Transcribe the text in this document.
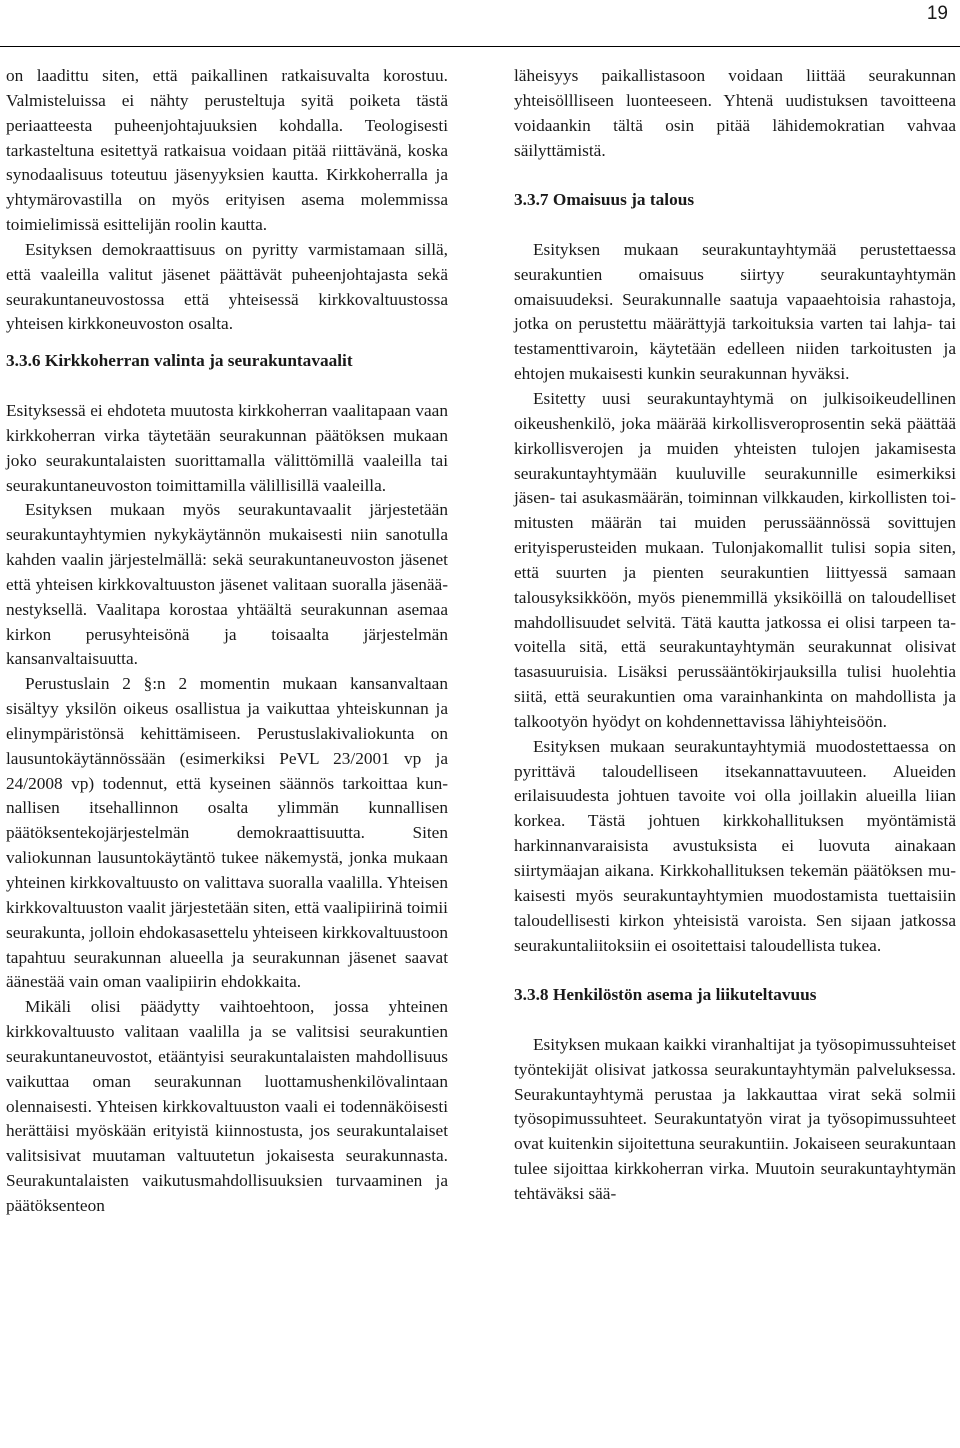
19

on laadittu siten, että paikallinen ratkaisuvalta korostuu. Valmisteluissa ei nähty perusteltuja syitä poiketa tästä periaatteesta puheenjohtajuuksien kohdalla. Teologisesti tarkasteltuna esitettyä ratkaisua voidaan pitää riittävänä, koska synodaalisuus toteutuu jäsenyyksien kautta. Kirkkoherralla ja yhtymärovastilla on myös erityisen asema molemmissa toimielimissä esittelijän roolin kautta.

Esityksen demokraattisuus on pyritty varmistamaan sillä, että vaaleilla valitut jäsenet päättävät puheenjohtajasta sekä seurakuntaneuvostossa että yhteisessä kirkkovaltuustossa yhteisen kirkkoneuvoston osalta.

3.3.6 Kirkkoherran valinta ja seurakuntavaalit

Esityksessä ei ehdoteta muutosta kirkkoherran vaalitapaan vaan kirkkoherran virka täytetään seurakunnan päätöksen mukaan joko seurakuntalaisten suorittamalla välittömillä vaaleilla tai seurakuntaneuvoston toimittamilla välillisillä vaaleilla.

Esityksen mukaan myös seurakuntavaalit järjestetään seurakuntayhtymien nykykäytännön mukaisesti niin sanotulla kahden vaalin järjestelmällä: sekä seurakuntaneuvoston jäsenet että yhteisen kirkkovaltuuston jäsenet valitaan suoralla jäsenäänestyksellä. Vaalitapa korostaa yhtäältä seurakunnan asemaa kirkon perusyhteisönä ja toisaalta järjestelmän kansanvaltaisuutta.

Perustuslain 2 §:n 2 momentin mukaan kansanvaltaan sisältyy yksilön oikeus osallistua ja vaikuttaa yhteiskunnan ja elinympäristönsä kehittämiseen. Perustuslakivaliokunta on lausuntokäytännössään (esimerkiksi PeVL 23/2001 vp ja 24/2008 vp) todennut, että kyseinen säännös tarkoittaa kunnallisen itsehallinnon osalta ylimmän kunnallisen päätöksentekojärjestelmän demokraattisuutta. Siten valiokunnan lausuntokäytäntö tukee näkemystä, jonka mukaan yhteinen kirkkovaltuusto on valittava suoralla vaalilla. Yhteisen kirkkovaltuuston vaalit järjestetään siten, että vaalipiirinä toimii seurakunta, jolloin ehdokasasettelu yhteiseen kirkkovaltuustoon tapahtuu seurakunnan alueella ja seurakunnan jäsenet saavat äänestää vain oman vaalipiirin ehdokkaita.

Mikäli olisi päädytty vaihtoehtoon, jossa yhteinen kirkkovaltuusto valitaan vaalilla ja se valitsisi seurakuntien seurakuntaneuvostot, etääntyisi seurakuntalaisten mahdollisuus vaikuttaa oman seurakunnan luottamushenkilövalintaan olennaisesti. Yhteisen kirkkovaltuuston vaali ei todennäköisesti herättäisi myöskään erityistä kiinnostusta, jos seurakuntalaiset valitsisivat muutaman valtuutetun jokaisesta seurakunnasta. Seurakuntalaisten vaikutusmahdollisuuksien turvaaminen ja päätöksenteon

läheisyys paikallistasoon voidaan liittää seurakunnan yhteisöllliseen luonteeseen. Yhtenä uudistuksen tavoitteena voidaankin tältä osin pitää lähidemokratian vahvaa säilyttämistä.

3.3.7 Omaisuus ja talous

Esityksen mukaan seurakuntayhtymää perustettaessa seurakuntien omaisuus siirtyy seurakuntayhtymän omaisuudeksi. Seurakunnalle saatuja vapaaehtoisia rahastoja, jotka on perustettu määrättyjä tarkoituksia varten tai lahja- tai testamenttivaroin, käytetään edelleen niiden tarkoitusten ja ehtojen mukaisesti kunkin seurakunnan hyväksi.

Esitetty uusi seurakuntayhtymä on julkisoikeudellinen oikeushenkilö, joka määrää kirkollisveroprosentin sekä päättää kirkollisverojen ja muiden yhteisten tulojen jakamisesta seurakuntayhtymään kuuluville seurakunnille esimerkiksi jäsen- tai asukasmäärän, toiminnan vilkkauden, kirkollisten toimitusten määrän tai muiden perussäännössä sovittujen erityisperusteiden mukaan. Tulonjakomallit tulisi sopia siten, että suurten ja pienten seurakuntien liittyessä samaan talousyksikköön, myös pienemmillä yksiköillä on taloudelliset mahdollisuudet selvitä. Tätä kautta jatkossa ei olisi tarpeen tavoitella sitä, että seurakuntayhtymän seurakunnat olisivat tasasuuruisia. Lisäksi perussääntökirjauksilla tulisi huolehtia siitä, että seurakuntien oma varainhankinta on mahdollista ja talkootyön hyödyt on kohdennettavissa lähiyhteisöön.

Esityksen mukaan seurakuntayhtymiä muodostettaessa on pyrittävä taloudelliseen itsekannattavuuteen. Alueiden erilaisuudesta johtuen tavoite voi olla joillakin alueilla liian korkea. Tästä johtuen kirkkohallituksen myöntämistä harkinnanvaraisista avustuksista ei luovuta ainakaan siirtymäajan aikana. Kirkkohallituksen tekemän päätöksen mukaisesti myös seurakuntayhtymien muodostamista tuettaisiin taloudellisesti kirkon yhteisistä varoista. Sen sijaan jatkossa seurakuntaliitoksiin ei osoitettaisi taloudellista tukea.

3.3.8 Henkilöstön asema ja liikuteltavuus

Esityksen mukaan kaikki viranhaltijat ja työsopimussuhteiset työntekijät olisivat jatkossa seurakuntayhtymän palveluksessa. Seurakuntayhtymä perustaa ja lakkauttaa virat sekä solmii työsopimussuhteet. Seurakuntatyön virat ja työsopimussuhteet ovat kuitenkin sijoitettuna seurakuntiin. Jokaiseen seurakuntaan tulee sijoittaa kirkkoherran virka. Muutoin seurakuntayhtymän tehtäväksi sää-
